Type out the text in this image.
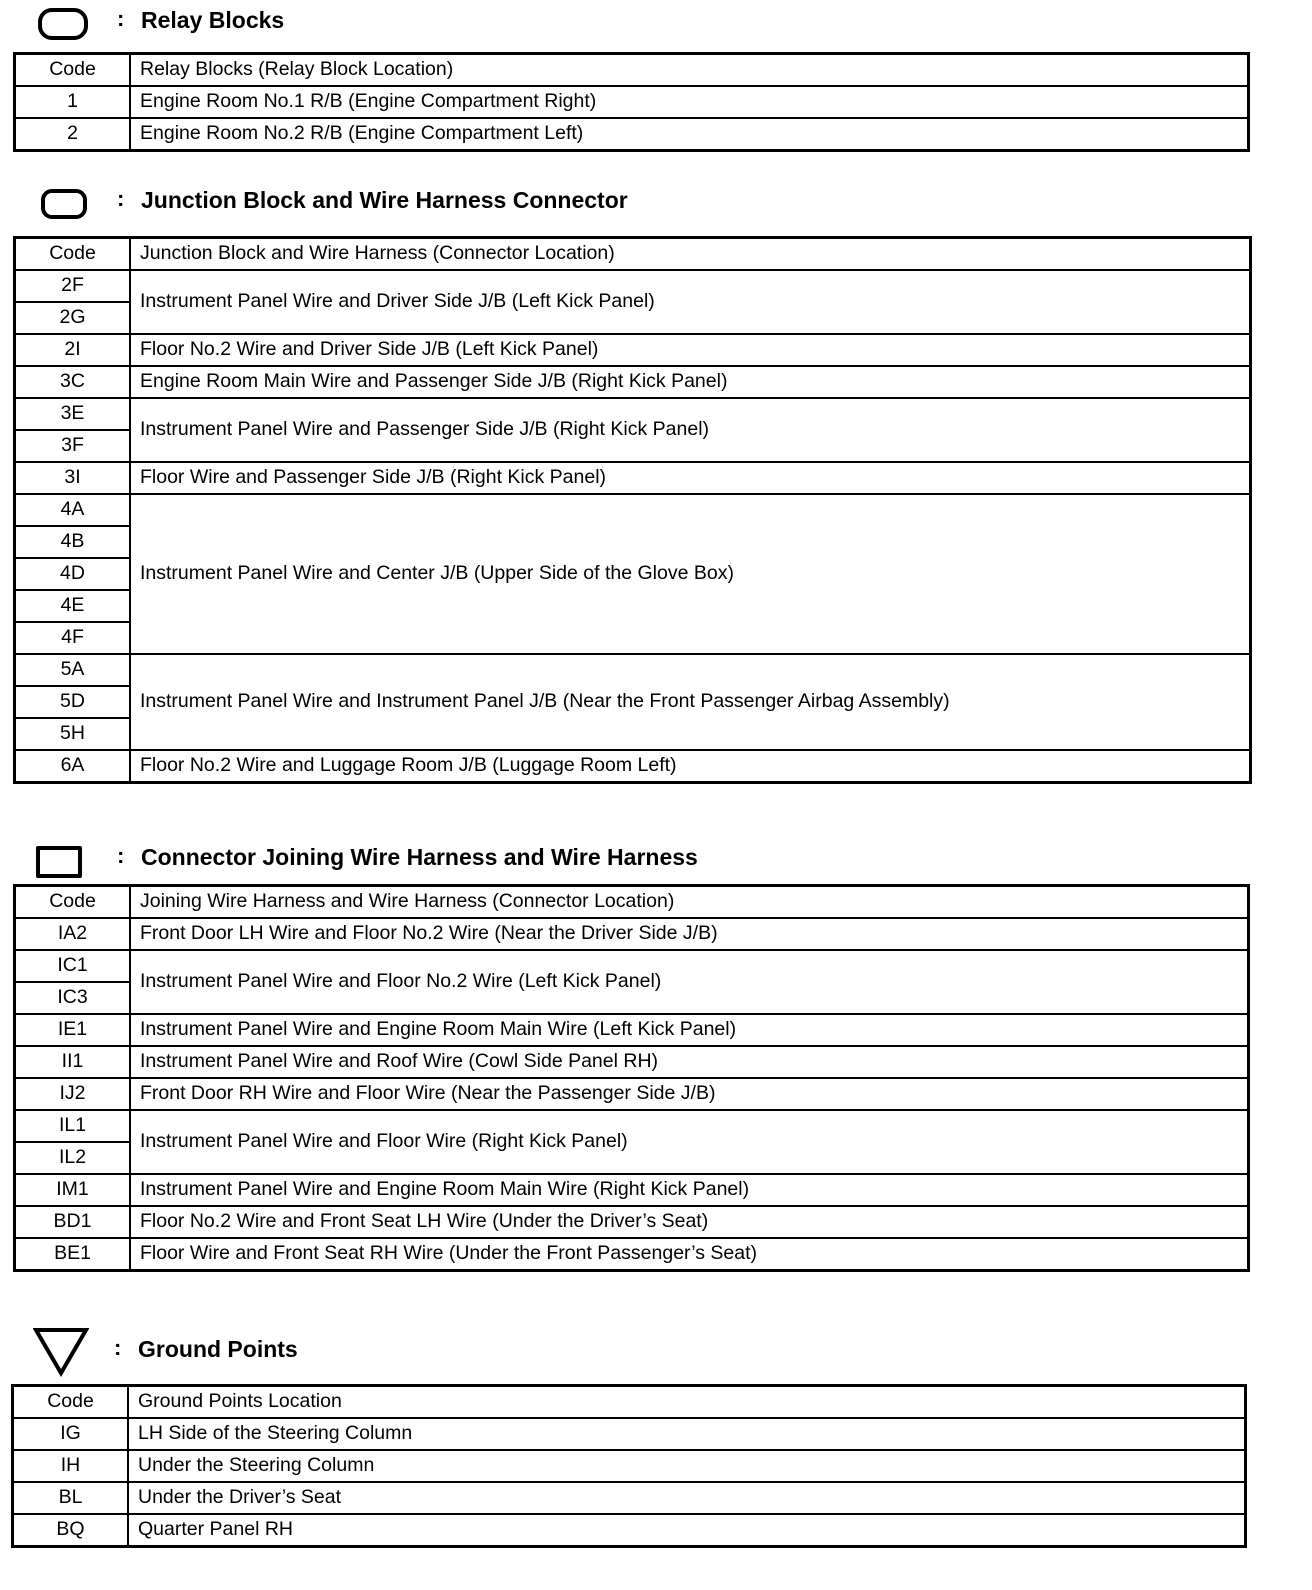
: Relay Blocks
Code	Relay Blocks (Relay Block Location)
1	Engine Room No.1 R/B (Engine Compartment Right)
2	Engine Room No.2 R/B (Engine Compartment Left)
: Junction Block and Wire Harness Connector
Code	Junction Block and Wire Harness (Connector Location)
2F	Instrument Panel Wire and Driver Side J/B (Left Kick Panel)
2G	
2I	Floor No.2 Wire and Driver Side J/B (Left Kick Panel)
3C	Engine Room Main Wire and Passenger Side J/B (Right Kick Panel)
3E	Instrument Panel Wire and Passenger Side J/B (Right Kick Panel)
3F	
3I	Floor Wire and Passenger Side J/B (Right Kick Panel)
4A	Instrument Panel Wire and Center J/B (Upper Side of the Glove Box)
4B	
4D	
4E	
4F	
5A	Instrument Panel Wire and Instrument Panel J/B (Near the Front Passenger Airbag Assembly)
5D	
5H	
6A	Floor No.2 Wire and Luggage Room J/B (Luggage Room Left)
: Connector Joining Wire Harness and Wire Harness
Code	Joining Wire Harness and Wire Harness (Connector Location)
IA2	Front Door LH Wire and Floor No.2 Wire (Near the Driver Side J/B)
IC1	Instrument Panel Wire and Floor No.2 Wire (Left Kick Panel)
IC3	
IE1	Instrument Panel Wire and Engine Room Main Wire (Left Kick Panel)
II1	Instrument Panel Wire and Roof Wire (Cowl Side Panel RH)
IJ2	Front Door RH Wire and Floor Wire (Near the Passenger Side J/B)
IL1	Instrument Panel Wire and Floor Wire (Right Kick Panel)
IL2	
IM1	Instrument Panel Wire and Engine Room Main Wire (Right Kick Panel)
BD1	Floor No.2 Wire and Front Seat LH Wire (Under the Driver’s Seat)
BE1	Floor Wire and Front Seat RH Wire (Under the Front Passenger’s Seat)
: Ground Points
Code	Ground Points Location
IG	LH Side of the Steering Column
IH	Under the Steering Column
BL	Under the Driver’s Seat
BQ	Quarter Panel RH
